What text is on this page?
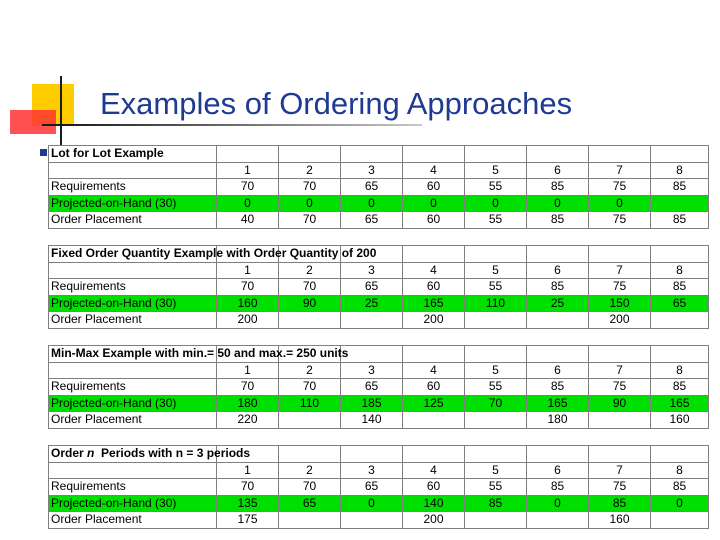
Examples of Ordering Approaches
Lot for Lot Example								
	1	2	3	4	5	6	7	8
Requirements	70	70	65	60	55	85	75	85
Projected-on-Hand (30)	0	0	0	0	0	0	0	
Order Placement	40	70	65	60	55	85	75	85
Fixed Order Quantity Example with Order Quantity of 200								
	1	2	3	4	5	6	7	8
Requirements	70	70	65	60	55	85	75	85
Projected-on-Hand (30)	160	90	25	165	110	25	150	65
Order Placement	200			200			200	
Min-Max Example with min.= 50 and max.= 250 units								
	1	2	3	4	5	6	7	8
Requirements	70	70	65	60	55	85	75	85
Projected-on-Hand (30)	180	110	185	125	70	165	90	165
Order Placement	220		140			180		160
Order n  Periods with n = 3 periods								
	1	2	3	4	5	6	7	8
Requirements	70	70	65	60	55	85	75	85
Projected-on-Hand (30)	135	65	0	140	85	0	85	0
Order Placement	175			200			160	
